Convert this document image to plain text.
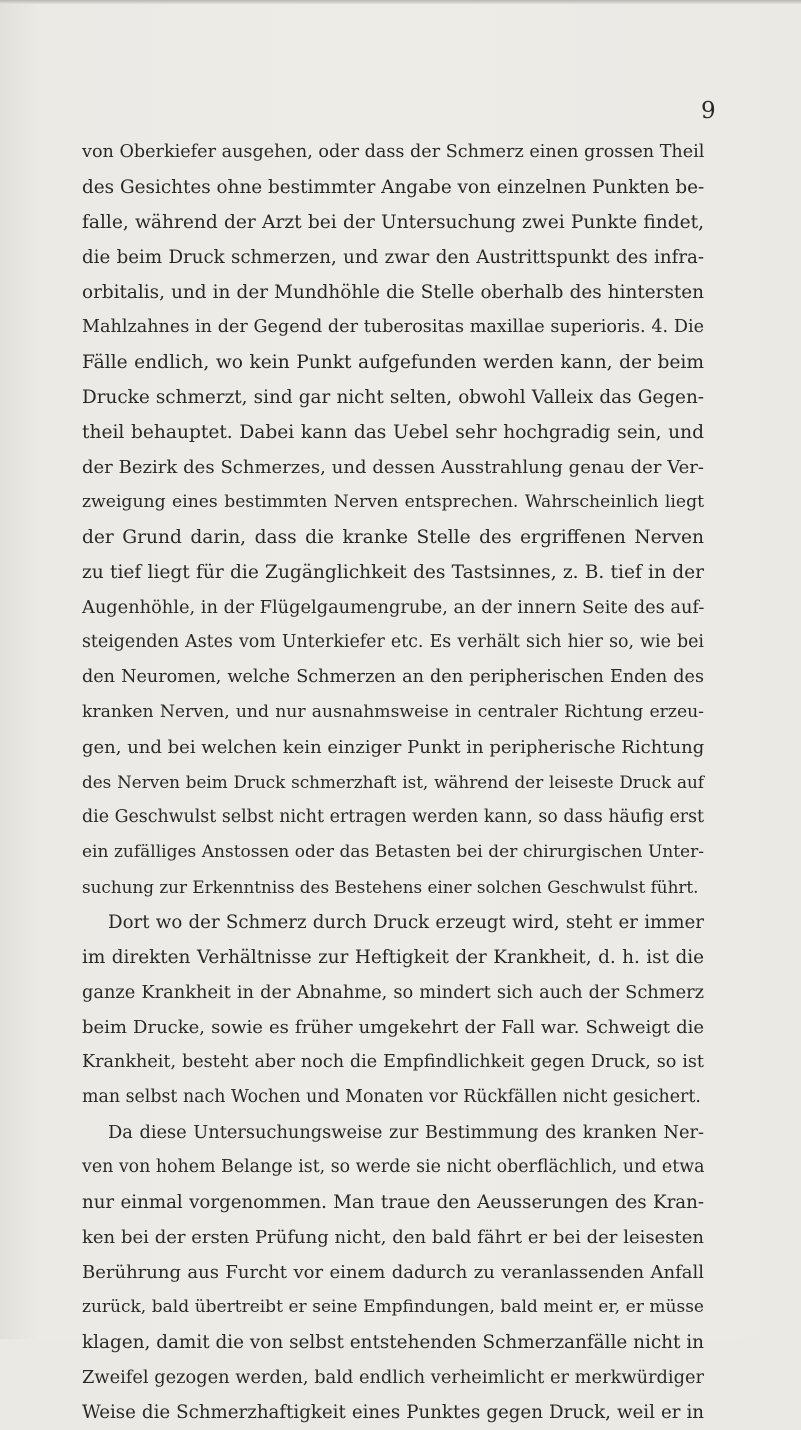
9
von Oberkiefer ausgehen, oder dass der Schmerz einen grossen Theil
des Gesichtes ohne bestimmter Angabe von einzelnen Punkten be-
falle, während der Arzt bei der Untersuchung zwei Punkte findet,
die beim Druck schmerzen, und zwar den Austrittspunkt des infra-
orbitalis, und in der Mundhöhle die Stelle oberhalb des hintersten
Mahlzahnes in der Gegend der tuberositas maxillae superioris. 4. Die
Fälle endlich, wo kein Punkt aufgefunden werden kann, der beim
Drucke schmerzt, sind gar nicht selten, obwohl Valleix das Gegen-
theil behauptet. Dabei kann das Uebel sehr hochgradig sein, und
der Bezirk des Schmerzes, und dessen Ausstrahlung genau der Ver-
zweigung eines bestimmten Nerven entsprechen. Wahrscheinlich liegt
der Grund darin, dass die kranke Stelle des ergriffenen Nerven
zu tief liegt für die Zugänglichkeit des Tastsinnes, z. B. tief in der
Augenhöhle, in der Flügelgaumengrube, an der innern Seite des auf-
steigenden Astes vom Unterkiefer etc. Es verhält sich hier so, wie bei
den Neuromen, welche Schmerzen an den peripherischen Enden des
kranken Nerven, und nur ausnahmsweise in centraler Richtung erzeu-
gen, und bei welchen kein einziger Punkt in peripherische Richtung
des Nerven beim Druck schmerzhaft ist, während der leiseste Druck auf
die Geschwulst selbst nicht ertragen werden kann, so dass häufig erst
ein zufälliges Anstossen oder das Betasten bei der chirurgischen Unter-
suchung zur Erkenntniss des Bestehens einer solchen Geschwulst führt.
Dort wo der Schmerz durch Druck erzeugt wird, steht er immer
im direkten Verhältnisse zur Heftigkeit der Krankheit, d. h. ist die
ganze Krankheit in der Abnahme, so mindert sich auch der Schmerz
beim Drucke, sowie es früher umgekehrt der Fall war. Schweigt die
Krankheit, besteht aber noch die Empfindlichkeit gegen Druck, so ist
man selbst nach Wochen und Monaten vor Rückfällen nicht gesichert.
Da diese Untersuchungsweise zur Bestimmung des kranken Ner-
ven von hohem Belange ist, so werde sie nicht oberflächlich, und etwa
nur einmal vorgenommen. Man traue den Aeusserungen des Kran-
ken bei der ersten Prüfung nicht, den bald fährt er bei der leisesten
Berührung aus Furcht vor einem dadurch zu veranlassenden Anfall
zurück, bald übertreibt er seine Empfindungen, bald meint er, er müsse
klagen, damit die von selbst entstehenden Schmerzanfälle nicht in
Zweifel gezogen werden, bald endlich verheimlicht er merkwürdiger
Weise die Schmerzhaftigkeit eines Punktes gegen Druck, weil er in
